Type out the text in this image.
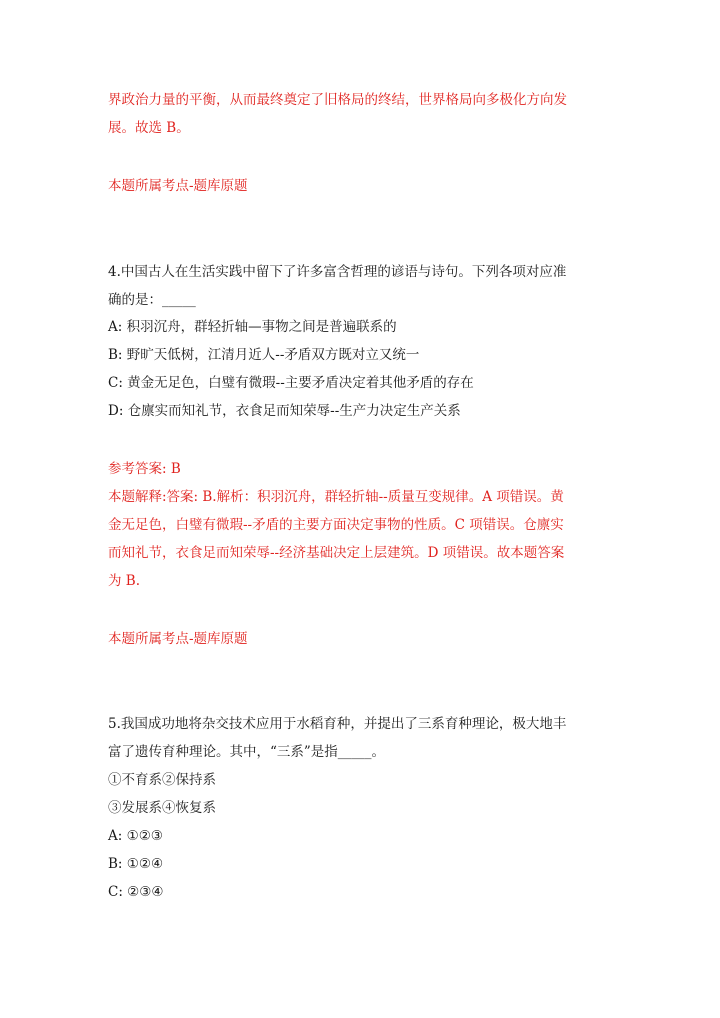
界政治力量的平衡，从而最终奠定了旧格局的终结，世界格局向多极化方向发
展。故选 B。
本题所属考点-题库原题
4.中国古人在生活实践中留下了许多富含哲理的谚语与诗句。下列各项对应准
确的是：_____
A: 积羽沉舟，群轻折轴—事物之间是普遍联系的
B: 野旷天低树，江清月近人--矛盾双方既对立又统一
C: 黄金无足色，白璧有微瑕--主要矛盾决定着其他矛盾的存在
D: 仓廪实而知礼节，衣食足而知荣辱--生产力决定生产关系
参考答案: B
本题解释:答案: B.解析：积羽沉舟，群轻折轴--质量互变规律。A 项错误。黄
金无足色，白璧有微瑕--矛盾的主要方面决定事物的性质。C 项错误。仓廪实
而知礼节，衣食足而知荣辱--经济基础决定上层建筑。D 项错误。故本题答案
为 B.
本题所属考点-题库原题
5.我国成功地将杂交技术应用于水稻育种，并提出了三系育种理论，极大地丰
富了遗传育种理论。其中，“三系”是指_____。
①不育系②保持系
③发展系④恢复系
A: ①②③
B: ①②④
C: ②③④
